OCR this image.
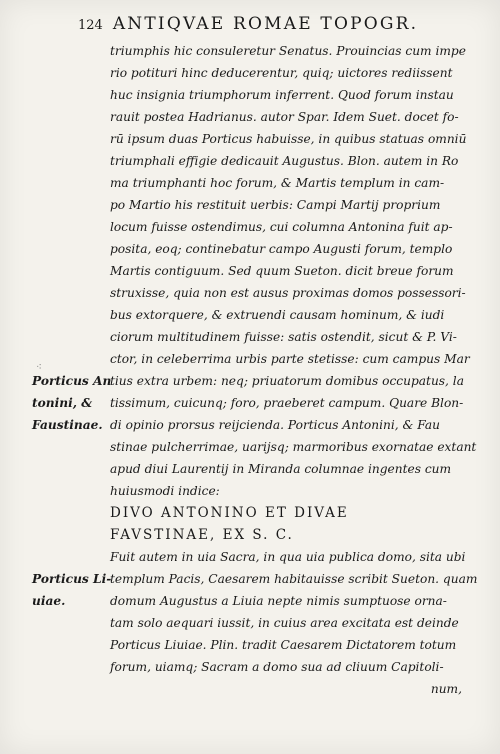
124 ANTIQVAE ROMAE TOPOGR.
⁖
Porticus An
tonini, &
Faustinae.
Porticus Li-
uiae.
triumphis hic consuleretur Senatus. Prouincias cum impe
rio potituri hinc deducerentur, quiq; uictores rediissent
huc insignia triumphorum inferrent. Quod forum instau
rauit postea Hadrianus. autor Spar. Idem Suet. docet fo-
rū ipsum duas Porticus habuisse, in quibus statuas omniū
triumphali effigie dedicauit Augustus. Blon. autem in Ro
ma triumphanti hoc forum, & Martis templum in cam-
po Martio his restituit uerbis: Campi Martij proprium
locum fuisse ostendimus, cui columna Antonina fuit ap-
posita, eoq; continebatur campo Augusti forum, templo
Martis contiguum. Sed quum Sueton. dicit breue forum
struxisse, quia non est ausus proximas domos possessori-
bus extorquere, & extruendi causam hominum, & iudi
ciorum multitudinem fuisse: satis ostendit, sicut & P. Vi-
ctor, in celeberrima urbis parte stetisse: cum campus Mar
tius extra urbem: neq; priuatorum domibus occupatus, la
tissimum, cuicunq; foro, praeberet campum. Quare Blon-
di opinio prorsus reijcienda. Porticus Antonini, & Fau
stinae pulcherrimae, uarijsq; marmoribus exornatae extant
apud diui Laurentij in Miranda columnae ingentes cum
huiusmodi indice:
DIVO ANTONINO ET DIVAE
FAVSTINAE, EX S. C.
Fuit autem in uia Sacra, in qua uia publica domo, sita ubi
templum Pacis, Caesarem habitauisse scribit Sueton. quam
domum Augustus a Liuia nepte nimis sumptuose orna-
tam solo aequari iussit, in cuius area excitata est deinde
Porticus Liuiae. Plin. tradit Caesarem Dictatorem totum
forum, uiamq; Sacram a domo sua ad cliuum Capitoli-
num,
